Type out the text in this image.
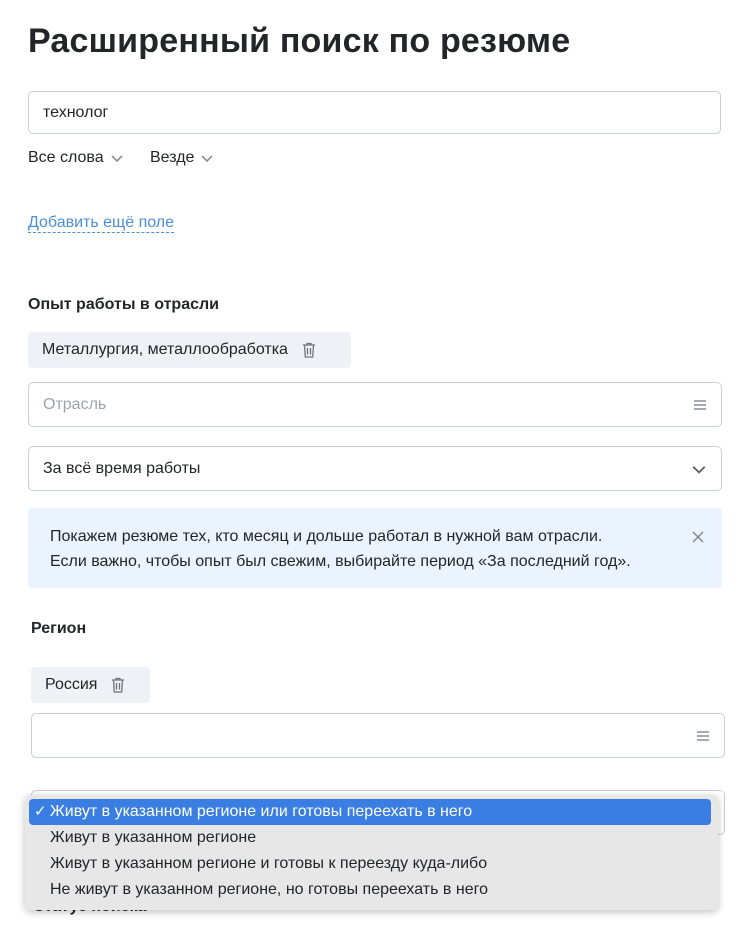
Расширенный поиск по резюме
технолог
Все слова	Везде
Добавить ещё поле
Опыт работы в отрасли
Металлургия, металлообработка
Отрасль
За всё время работы
Покажем резюме тех, кто месяц и дольше работал в нужной вам отрасли.
Если важно, чтобы опыт был свежим, выбирайте период «За последний год».
Регион
Россия
✓ Живут в указанном регионе или готовы переехать в него
Живут в указанном регионе
Живут в указанном регионе и готовы к переезду куда-либо
Не живут в указанном регионе, но готовы переехать в него
